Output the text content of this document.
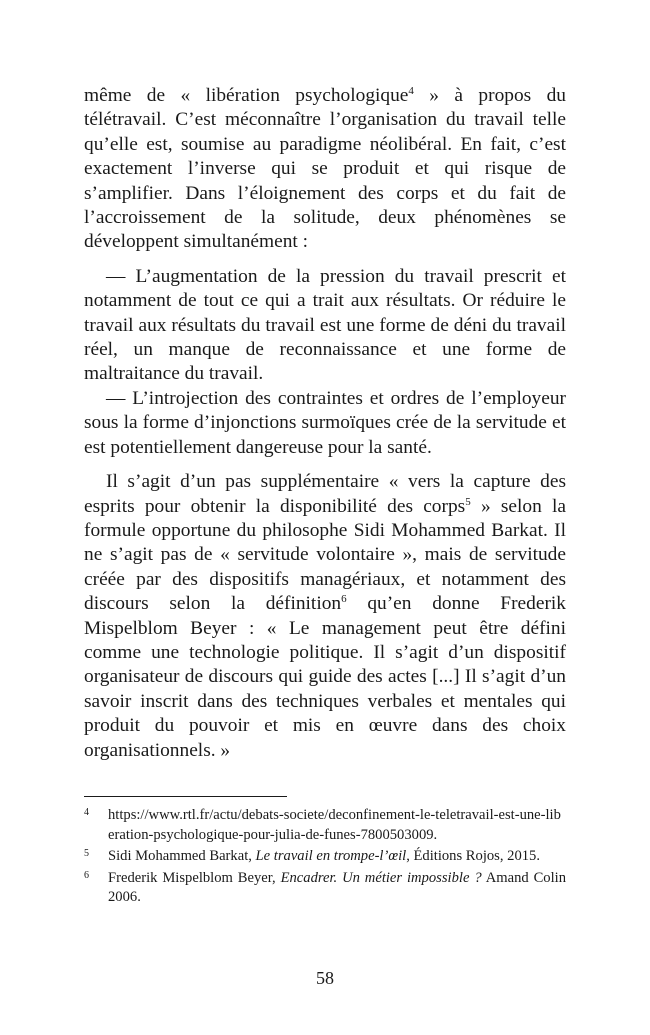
même de « libération psychologique$^4$ » à propos du télétravail. C’est méconnaître l’organisation du travail telle qu’elle est, soumise au paradigme néolibéral. En fait, c’est exactement l’inverse qui se produit et qui risque de s’amplifier. Dans l’éloignement des corps et du fait de l’accroissement de la solitude, deux phénomènes se développent simultanément :

— L’augmentation de la pression du travail prescrit et notamment de tout ce qui a trait aux résultats. Or réduire le travail aux résultats du travail est une forme de déni du travail réel, un manque de reconnaissance et une forme de maltraitance du travail.

— L’introjection des contraintes et ordres de l’employeur sous la forme d’injonctions surmoïques crée de la servitude et est potentiellement dangereuse pour la santé.

Il s’agit d’un pas supplémentaire « vers la capture des esprits pour obtenir la disponibilité des corps$^5$ » selon la formule opportune du philosophe Sidi Mohammed Barkat. Il ne s’agit pas de « servitude volontaire », mais de servitude créée par des dispositifs managériaux, et notamment des discours selon la définition$^6$ qu’en donne Frederik Mispelblom Beyer : « Le management peut être défini comme une technologie politique. Il s’agit d’un dispositif organisateur de discours qui guide des actes [...] Il s’agit d’un savoir inscrit dans des techniques verbales et mentales qui produit du pouvoir et mis en œuvre dans des choix organisationnels. »

4	https://www.rtl.fr/actu/debats-societe/deconfinement-le-teletravail-est-une-liberation-psychologique-pour-julia-de-funes-7800503009.
5	Sidi Mohammed Barkat, Le travail en trompe-l’œil, Éditions Rojos, 2015.
6	Frederik Mispelblom Beyer, Encadrer. Un métier impossible ? Amand Colin 2006.
58
